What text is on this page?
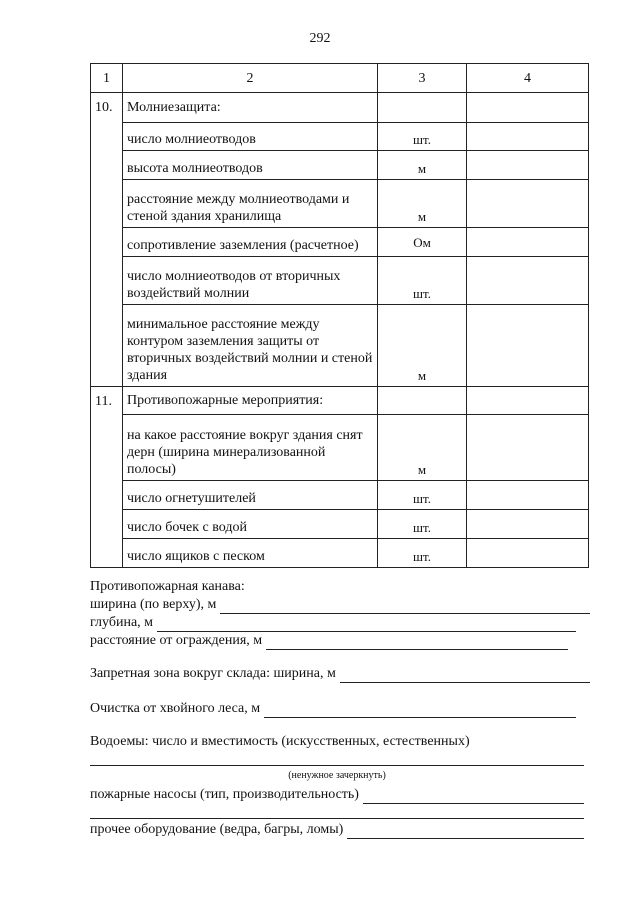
292
1	2	3	4
10.	Молниезащита:		
	число молниеотводов	шт.	
	высота молниеотводов	м	
	расстояние между молниеотводами и стеной здания хранилища	м	
	сопротивление заземления (расчетное)	Ом	
	число молниеотводов от вторичных воздействий молнии	шт.	
	минимальное расстояние между контуром заземления защиты от вторичных воздействий молнии и стеной здания	м	
11.	Противопожарные мероприятия:		
	на какое расстояние вокруг здания снят дерн (ширина минерализованной полосы)	м	
	число огнетушителей	шт.	
	число бочек с водой	шт.	
	число ящиков с песком	шт.	
Противопожарная канава:
ширина (по верху), м
глубина, м
расстояние от ограждения, м
Запретная зона вокруг склада: ширина, м
Очистка от хвойного леса, м
Водоемы: число и вместимость (искусственных, естественных)
(ненужное зачеркнуть)
пожарные насосы (тип, производительность)
прочее оборудование (ведра, багры, ломы)
